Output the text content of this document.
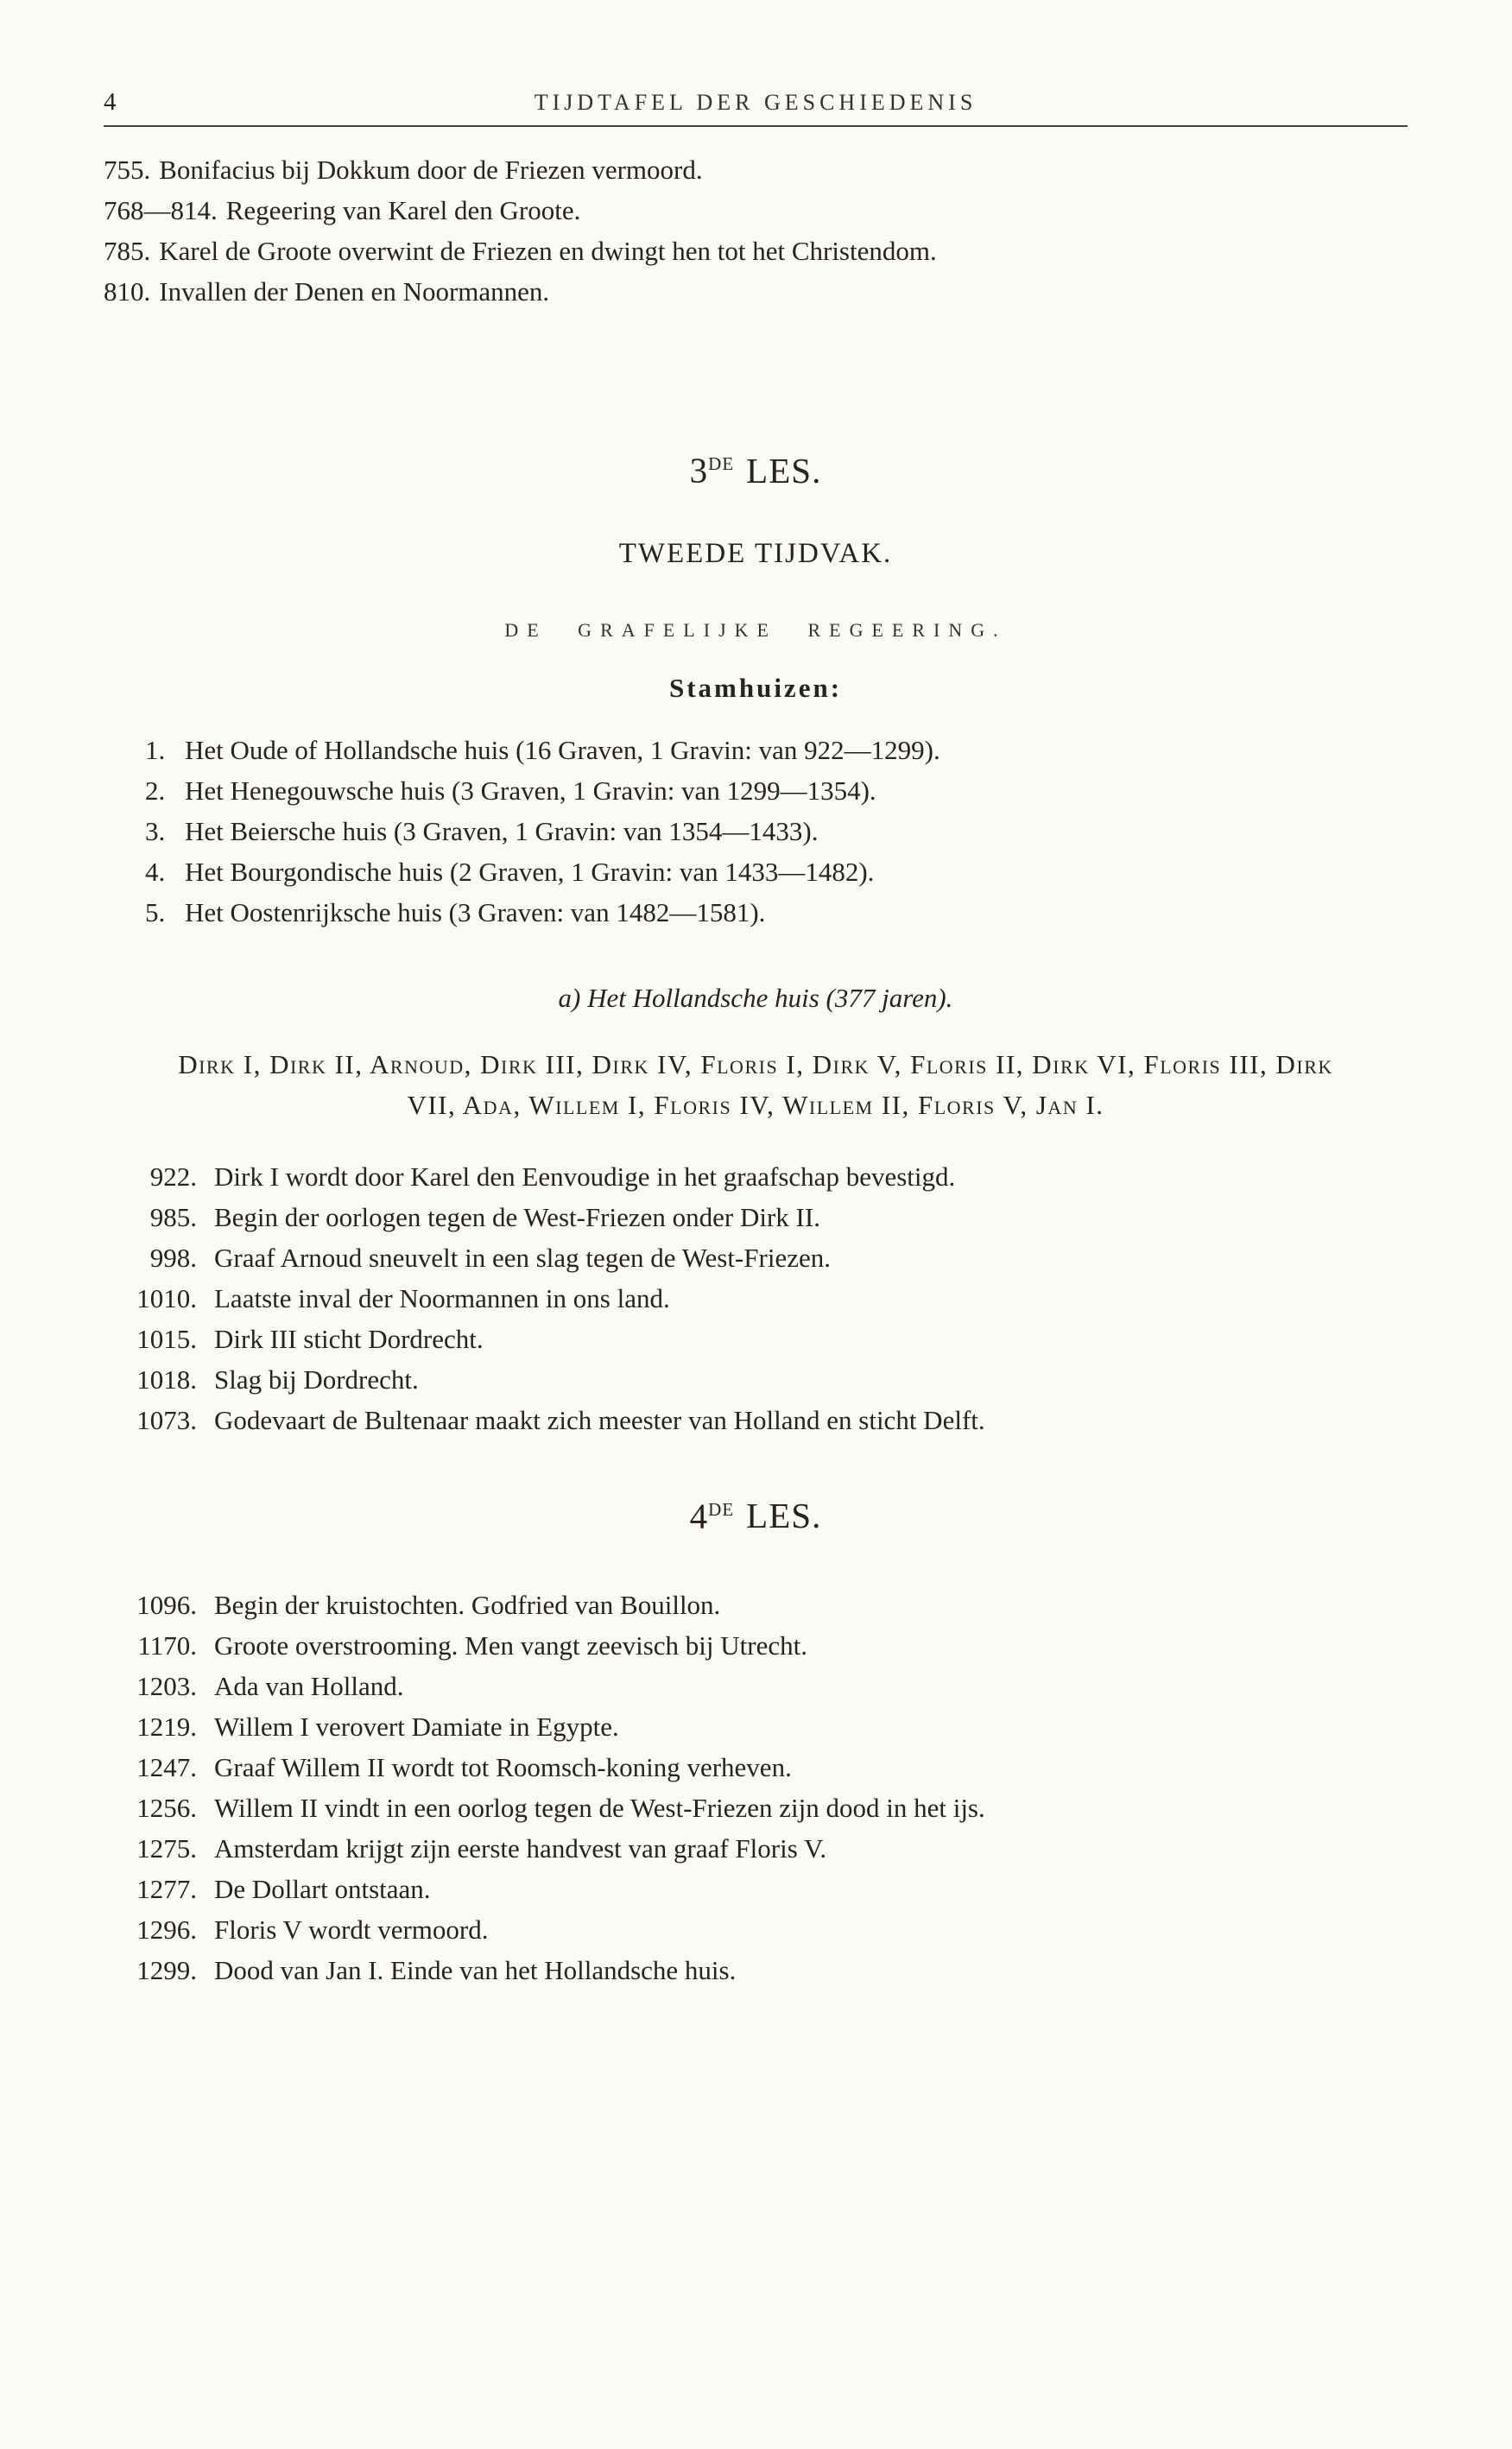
4	TIJDTAFEL DER GESCHIEDENIS

755. Bonifacius bij Dokkum door de Friezen vermoord.

768—814. Regeering van Karel den Groote.

785. Karel de Groote overwint de Friezen en dwingt hen tot het Christendom.

810. Invallen der Denen en Noormannen.

3DE LES.
TWEEDE TIJDVAK.
DE GRAFELIJKE REGEERING.
Stamhuizen:
1. Het Oude of Hollandsche huis (16 Graven, 1 Gravin: van 922—1299).
2. Het Henegouwsche huis (3 Graven, 1 Gravin: van 1299—1354).
3. Het Beiersche huis (3 Graven, 1 Gravin: van 1354—1433).
4. Het Bourgondische huis (2 Graven, 1 Gravin: van 1433—1482).
5. Het Oostenrijksche huis (3 Graven: van 1482—1581).
a) Het Hollandsche huis (377 jaren).

Dirk I, Dirk II, Arnoud, Dirk III, Dirk IV, Floris I, Dirk V, Floris II, Dirk VI, Floris III, Dirk VII, Ada, Willem I, Floris IV, Willem II, Floris V, Jan I.

922. Dirk I wordt door Karel den Eenvoudige in het graafschap bevestigd.
985. Begin der oorlogen tegen de West-Friezen onder Dirk II.
998. Graaf Arnoud sneuvelt in een slag tegen de West-Friezen.
1010. Laatste inval der Noormannen in ons land.
1015. Dirk III sticht Dordrecht.
1018. Slag bij Dordrecht.
1073. Godevaart de Bultenaar maakt zich meester van Holland en sticht Delft.
4DE LES.
1096. Begin der kruistochten. Godfried van Bouillon.
1170. Groote overstrooming. Men vangt zeevisch bij Utrecht.
1203. Ada van Holland.
1219. Willem I verovert Damiate in Egypte.
1247. Graaf Willem II wordt tot Roomsch-koning verheven.
1256. Willem II vindt in een oorlog tegen de West-Friezen zijn dood in het ijs.
1275. Amsterdam krijgt zijn eerste handvest van graaf Floris V.
1277. De Dollart ontstaan.
1296. Floris V wordt vermoord.
1299. Dood van Jan I. Einde van het Hollandsche huis.
